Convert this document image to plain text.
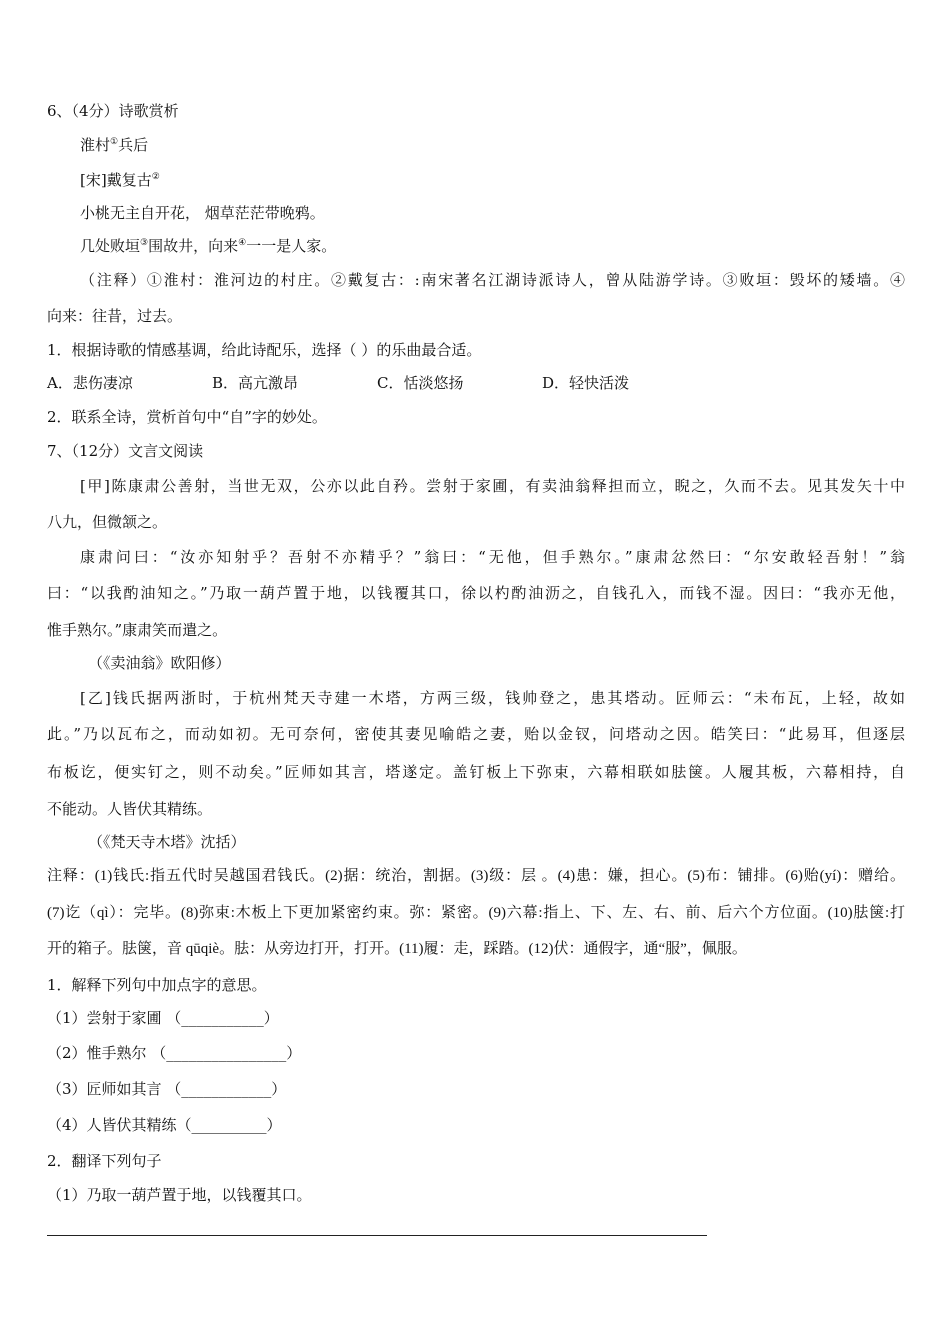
6、（4分）诗歌赏析
淮村①兵后
[宋]戴复古②
小桃无主自开花， 烟草茫茫带晚鸦。
几处败垣③围故井，向来④一一是人家。
（注释）①淮村：淮河边的村庄。②戴复古：:南宋著名江湖诗派诗人，曾从陆游学诗。③败垣：毁坏的矮墙。④
向来：往昔，过去。
1．根据诗歌的情感基调，给此诗配乐，选择（ ）的乐曲最合适。
A．悲伤凄凉	B．高亢激昂	C．恬淡悠扬	D．轻快活泼
2．联系全诗，赏析首句中“自”字的妙处。
7、（12分）文言文阅读
[甲]陈康肃公善射，当世无双，公亦以此自矜。尝射于家圃，有卖油翁释担而立，睨之，久而不去。见其发矢十中
八九，但微颔之。
康肃问曰：“汝亦知射乎？吾射不亦精乎？”翁曰：“无他，但手熟尔。”康肃忿然曰：“尔安敢轻吾射！”翁
曰：“以我酌油知之。”乃取一葫芦置于地，以钱覆其口，徐以杓酌油沥之，自钱孔入，而钱不湿。因曰：“我亦无他，
惟手熟尔。”康肃笑而遣之。
（《卖油翁》欧阳修）
[乙]钱氏据两浙时，于杭州梵天寺建一木塔，方两三级，钱帅登之，患其塔动。匠师云：“未布瓦，上轻，故如
此。”乃以瓦布之，而动如初。无可奈何，密使其妻见喻皓之妻，贻以金钗，问塔动之因。皓笑曰：“此易耳，但逐层
布板讫，便实钉之，则不动矣。”匠师如其言，塔遂定。盖钉板上下弥束，六幕相联如胠箧。人履其板，六幕相持，自
不能动。人皆伏其精练。
（《梵天寺木塔》沈括）
注释：(1)钱氏:指五代时吴越国君钱氏。(2)据：统治，割据。(3)级：层 。(4)患：嫌，担心。(5)布：铺排。(6)贻(yí)：赠给。
(7)讫（qì）：完毕。(8)弥束:木板上下更加紧密约束。弥：紧密。(9)六幕:指上、下、左、右、前、后六个方位面。(10)胠箧:打
开的箱子。胠箧，音 qūqiè。胠：从旁边打开，打开。(11)履：走，踩踏。(12)伏：通假字，通“服”，佩服。
1．解释下列句中加点字的意思。
（1）尝射于家圃 （___________）
（2）惟手熟尔 （________________）
（3）匠师如其言 （____________）
（4）人皆伏其精练（__________）
2．翻译下列句子
（1）乃取一葫芦置于地，以钱覆其口。
